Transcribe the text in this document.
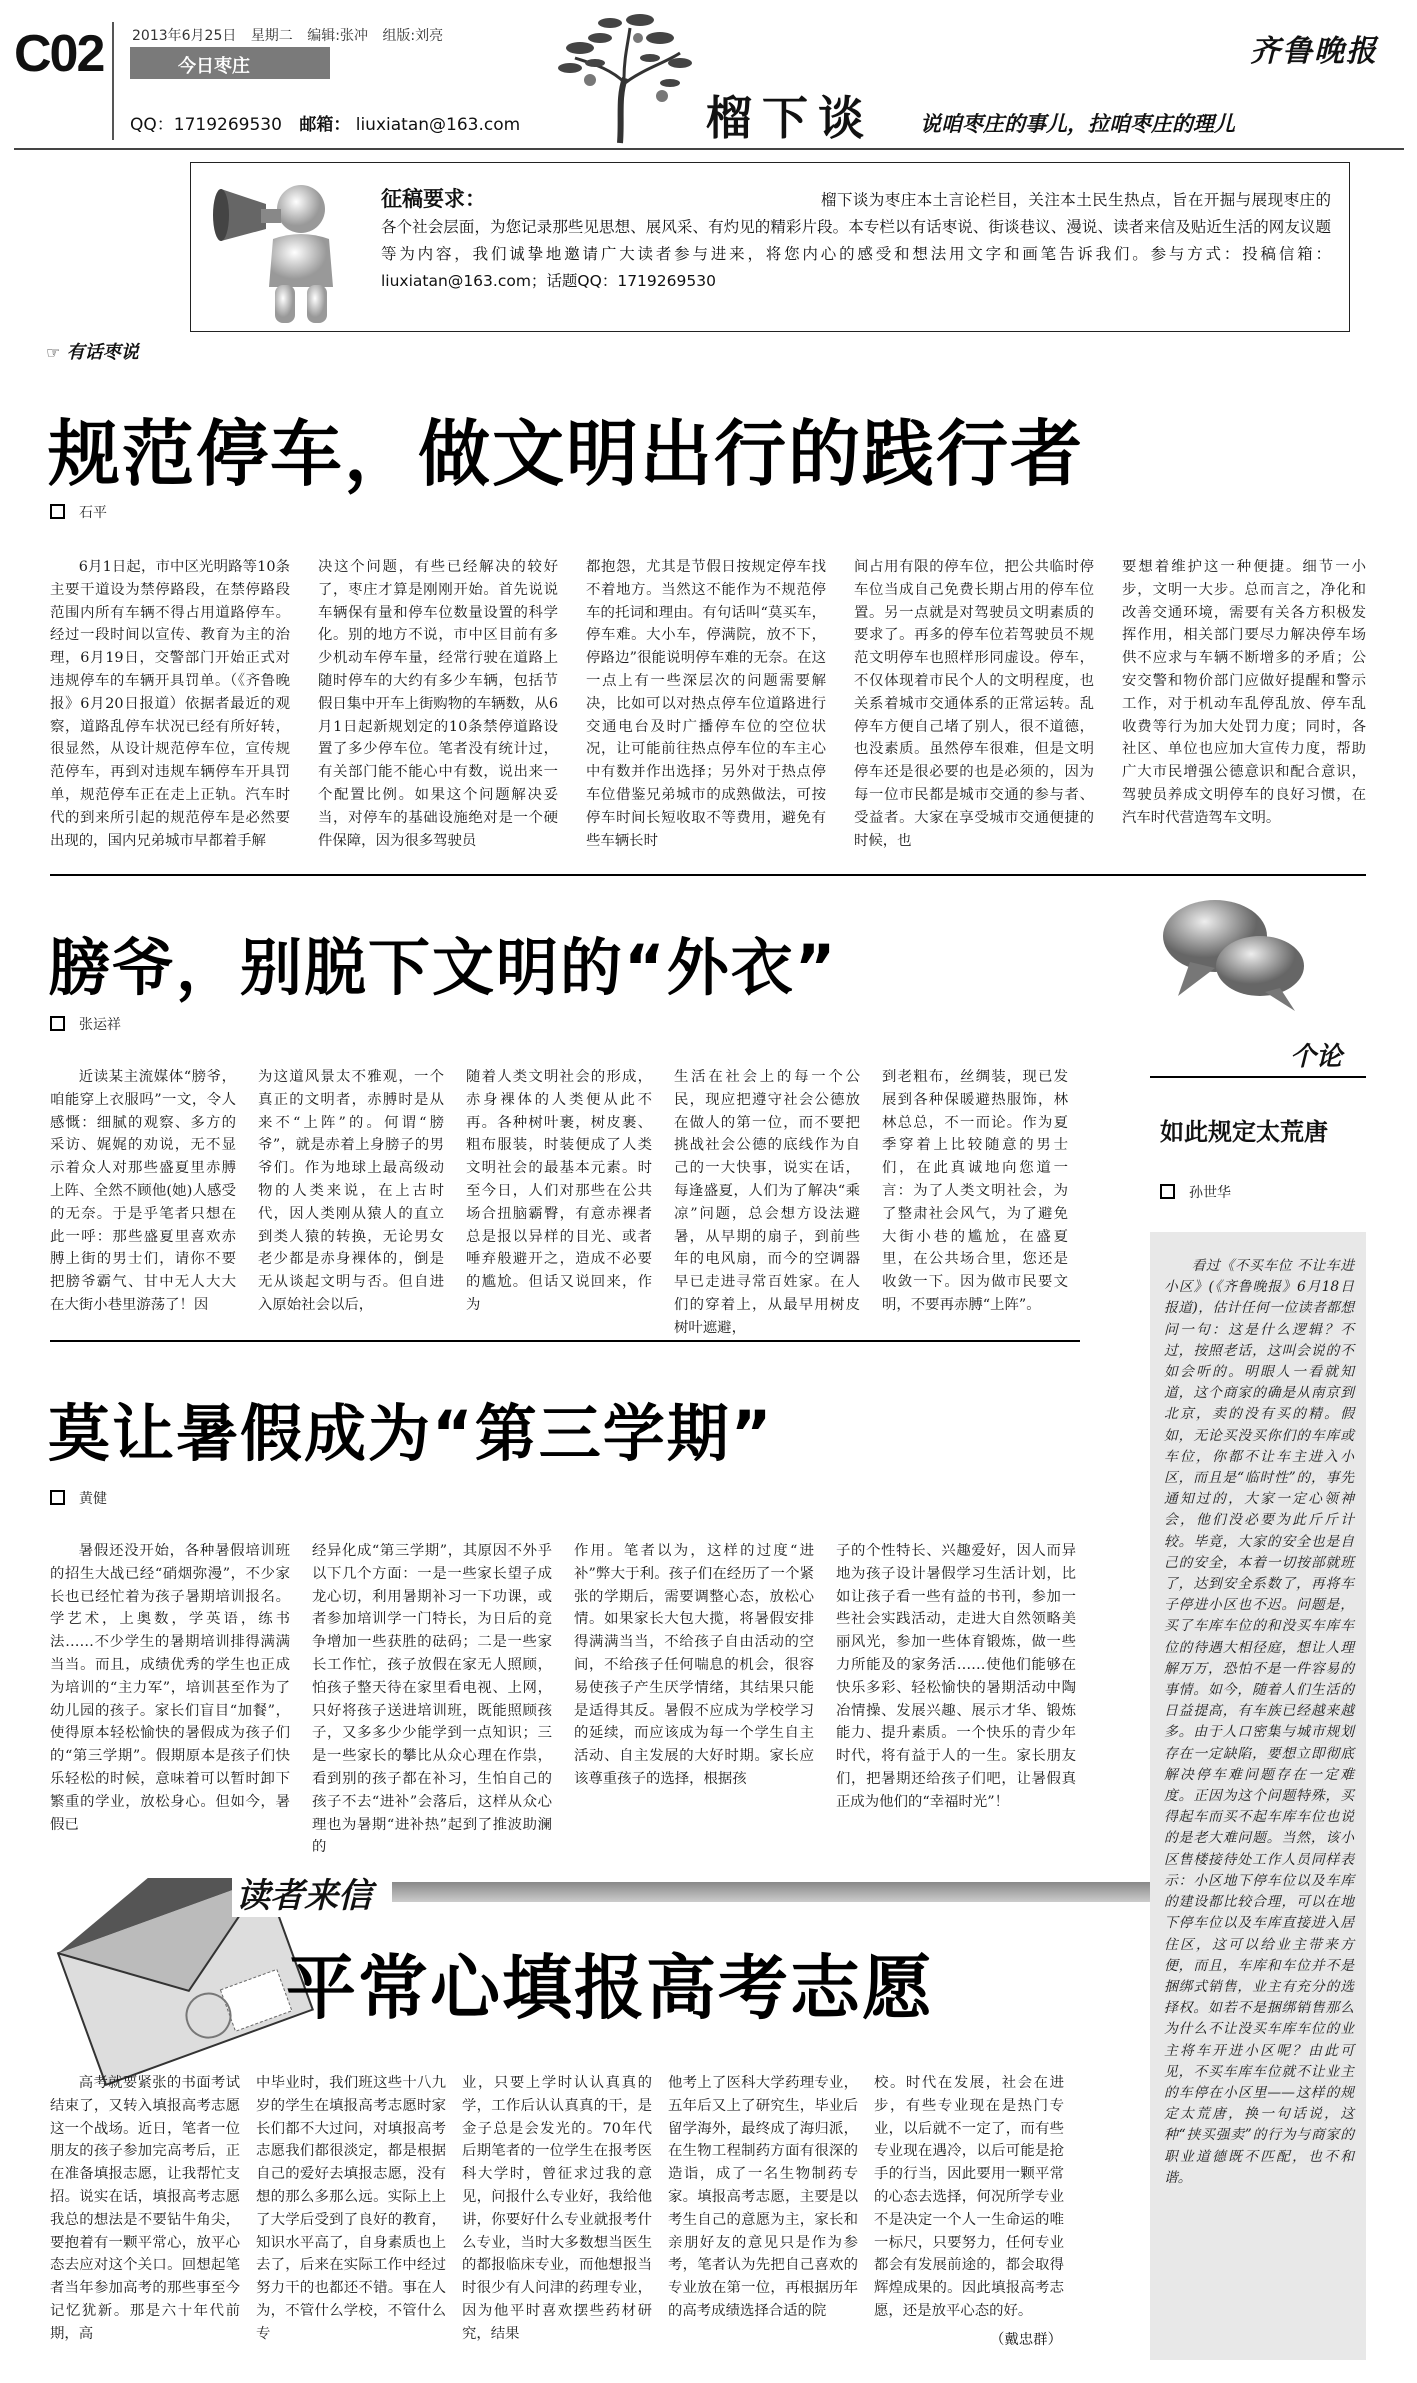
C02 2013年6月25日 星期二 编辑:张冲 组版:刘亮
今日枣庄
QQ：1719269530 邮箱： liuxiatan@163.com	榴下谈 说咱枣庄的事儿，拉咱枣庄的理儿
齐鲁晚报
征稿要求：	榴下谈为枣庄本土言论栏目，关注本土民生热点，旨在开掘与展现枣庄的各个社会层面，为您记录那些见思想、展风采、有灼见的精彩片段。本专栏以有话枣说、街谈巷议、漫说、读者来信及贴近生活的网友议题等为内容，我们诚挚地邀请广大读者参与进来，将您内心的感受和想法用文字和画笔告诉我们。参与方式：投稿信箱：liuxiatan@163.com；话题QQ：1719269530
☞ 有话枣说
规范停车，做文明出行的践行者
石平
6月1日起，市中区光明路等10条主要干道设为禁停路段，在禁停路段范围内所有车辆不得占用道路停车。经过一段时间以宣传、教育为主的治理，6月19日，交警部门开始正式对违规停车的车辆开具罚单。（《齐鲁晚报》6月20日报道）依据者最近的观察，道路乱停车状况已经有所好转，很显然，从设计规范停车位，宣传规范停车，再到对违规车辆停车开具罚单，规范停车正在走上正轨。汽车时代的到来所引起的规范停车是必然要出现的，国内兄弟城市早都着手解
决这个问题，有些已经解决的较好了，枣庄才算是刚刚开始。首先说说车辆保有量和停车位数量设置的科学化。别的地方不说，市中区目前有多少机动车停车量，经常行驶在道路上随时停车的大约有多少车辆，包括节假日集中开车上街购物的车辆数，从6月1日起新规划定的10条禁停道路设置了多少停车位。笔者没有统计过，有关部门能不能心中有数，说出来一个配置比例。如果这个问题解决妥当，对停车的基础设施绝对是一个硬件保障，因为很多驾驶员
都抱怨，尤其是节假日按规定停车找不着地方。当然这不能作为不规范停车的托词和理由。有句话叫“莫买车，停车难。大小车，停满院，放不下，停路边”很能说明停车难的无奈。在这一点上有一些深层次的问题需要解决，比如可以对热点停车位道路进行交通电台及时广播停车位的空位状况，让可能前往热点停车位的车主心中有数并作出选择；另外对于热点停车位借鉴兄弟城市的成熟做法，可按停车时间长短收取不等费用，避免有些车辆长时
间占用有限的停车位，把公共临时停车位当成自己免费长期占用的停车位置。另一点就是对驾驶员文明素质的要求了。再多的停车位若驾驶员不规范文明停车也照样形同虚设。停车，不仅体现着市民个人的文明程度，也关系着城市交通体系的正常运转。乱停车方便自己堵了别人，很不道德，也没素质。虽然停车很难，但是文明停车还是很必要的也是必须的，因为每一位市民都是城市交通的参与者、受益者。大家在享受城市交通便捷的时候，也
要想着维护这一种便捷。细节一小步，文明一大步。总而言之，净化和改善交通环境，需要有关各方积极发挥作用，相关部门要尽力解决停车场供不应求与车辆不断增多的矛盾；公安交警和物价部门应做好提醒和警示工作，对于机动车乱停乱放、停车乱收费等行为加大处罚力度；同时，各社区、单位也应加大宣传力度，帮助广大市民增强公德意识和配合意识，驾驶员养成文明停车的良好习惯，在汽车时代营造驾车文明。
膀爷，别脱下文明的“外衣”
张运祥
近读某主流媒体“膀爷，咱能穿上衣服吗”一文，令人感慨：细腻的观察、多方的采访、娓娓的劝说，无不显示着众人对那些盛夏里赤膊上阵、全然不顾他(她)人感受的无奈。于是乎笔者只想在此一呼：那些盛夏里喜欢赤膊上街的男士们，请你不要把膀爷霸气、甘中无人大大在大街小巷里游荡了！因
为这道风景太不雅观，一个真正的文明者，赤膊时是从来不“上阵”的。何谓“膀爷”，就是赤着上身膀子的男爷们。作为地球上最高级动物的人类来说，在上古时代，因人类刚从猿人的直立到类人猿的转换，无论男女老少都是赤身裸体的，倒是无从谈起文明与否。但自进入原始社会以后，
随着人类文明社会的形成，赤身裸体的人类便从此不再。各种树叶裹，树皮裹、粗布服装，时装便成了人类文明社会的最基本元素。时至今日，人们对那些在公共场合扭脑霸臀，有意赤裸者总是报以异样的目光、或者唾弃般避开之，造成不必要的尴尬。但话又说回来，作为
生活在社会上的每一个公民，现应把遵守社会公德放在做人的第一位，而不要把挑战社会公德的底线作为自己的一大快事，说实在话，每逢盛夏，人们为了解决“乘凉”问题，总会想方设法避暑，从早期的扇子，到前些年的电风扇，而今的空调器早已走进寻常百姓家。在人们的穿着上，从最早用树皮树叶遮避，
到老粗布，丝绸装，现已发展到各种保暖避热服饰，林林总总，不一而论。作为夏季穿着上比较随意的男士们，在此真诚地向您道一言：为了人类文明社会，为了整肃社会风气，为了避免大街小巷的尴尬，在盛夏里，在公共场合里，您还是收敛一下。因为做市民要文明，不要再赤膊“上阵”。
莫让暑假成为“第三学期”
黄健
暑假还没开始，各种暑假培训班的招生大战已经“硝烟弥漫”，不少家长也已经忙着为孩子暑期培训报名。学艺术，上奥数，学英语，练书法……不少学生的暑期培训排得满满当当。而且，成绩优秀的学生也正成为培训的“主力军”，培训甚至作为了幼儿园的孩子。家长们盲目“加餐”，使得原本轻松愉快的暑假成为孩子们的“第三学期”。假期原本是孩子们快乐轻松的时候，意味着可以暂时卸下繁重的学业，放松身心。但如今，暑假已
经异化成“第三学期”，其原因不外乎以下几个方面：一是一些家长望子成龙心切，利用暑期补习一下功课，或者参加培训学一门特长，为日后的竞争增加一些获胜的砝码；二是一些家长工作忙，孩子放假在家无人照顾，怕孩子整天待在家里看电视、上网，只好将孩子送进培训班，既能照顾孩子，又多多少少能学到一点知识；三是一些家长的攀比从众心理在作祟，看到别的孩子都在补习，生怕自己的孩子不去“进补”会落后，这样从众心理也为暑期“进补热”起到了推波助澜的
作用。笔者以为，这样的过度“进补”弊大于利。孩子们在经历了一个紧张的学期后，需要调整心态，放松心情。如果家长大包大揽，将暑假安排得满满当当，不给孩子自由活动的空间，不给孩子任何喘息的机会，很容易使孩子产生厌学情绪，其结果只能是适得其反。暑假不应成为学校学习的延续，而应该成为每一个学生自主活动、自主发展的大好时期。家长应该尊重孩子的选择，根据孩
子的个性特长、兴趣爱好，因人而异地为孩子设计暑假学习生活计划，比如让孩子看一些有益的书刊，参加一些社会实践活动，走进大自然领略美丽风光，参加一些体育锻炼，做一些力所能及的家务活……使他们能够在快乐多彩、轻松愉快的暑期活动中陶冶情操、发展兴趣、展示才华、锻炼能力、提升素质。一个快乐的青少年时代，将有益于人的一生。家长朋友们，把暑期还给孩子们吧，让暑假真正成为他们的“幸福时光”！
读者来信
平常心填报高考志愿
高考就要紧张的书面考试结束了，又转入填报高考志愿这一个战场。近日，笔者一位朋友的孩子参加完高考后，正在准备填报志愿，让我帮忙支招。说实在话，填报高考志愿我总的想法是不要钻牛角尖，要抱着有一颗平常心，放平心态去应对这个关口。回想起笔者当年参加高考的那些事至今记忆犹新。那是六十年代前期，高
中毕业时，我们班这些十八九岁的学生在填报高考志愿时家长们都不大过问，对填报高考志愿我们都很淡定，都是根据自己的爱好去填报志愿，没有想的那么多那么远。实际上上了大学后受到了良好的教育，知识水平高了，自身素质也上去了，后来在实际工作中经过努力干的也都还不错。事在人为，不管什么学校，不管什么专
业，只要上学时认认真真的学，工作后认认真真的干，是金子总是会发光的。70年代后期笔者的一位学生在报考医科大学时，曾征求过我的意见，问报什么专业好，我给他讲，你要好什么专业就报考什么专业，当时大多数想当医生的都报临床专业，而他想报当时很少有人问津的药理专业，因为他平时喜欢摆些药材研究，结果
他考上了医科大学药理专业，五年后又上了研究生，毕业后留学海外，最终成了海归派，在生物工程制药方面有很深的造诣，成了一名生物制药专家。填报高考志愿，主要是以考生自己的意愿为主，家长和亲朋好友的意见只是作为参考，笔者认为先把自己喜欢的专业放在第一位，再根据历年的高考成绩选择合适的院
校。时代在发展，社会在进步，有些专业现在是热门专业，以后就不一定了，而有些专业现在遇冷，以后可能是抢手的行当，因此要用一颗平常的心态去选择，何况所学专业不是决定一个人一生命运的唯一标尺，只要努力，任何专业都会有发展前途的，都会取得辉煌成果的。因此填报高考志愿，还是放平心态的好。
（戴忠群）
个论
如此规定太荒唐
孙世华
看过《不买车位 不让车进小区》(《齐鲁晚报》6月18日报道)，估计任何一位读者都想问一句：这是什么逻辑？不过，按照老话，这叫会说的不如会听的。明眼人一看就知道，这个商家的确是从南京到北京，卖的没有买的精。假如，无论买没买你们的车库或车位，你都不让车主进入小区，而且是“临时性”的，事先通知过的，大家一定心领神会，他们没必要为此斤斤计较。毕竟，大家的安全也是自己的安全，本着一切按部就班了，达到安全系数了，再将车子停进小区也不迟。问题是，买了车库车位的和没买车库车位的待遇大相径庭，想让人理解万万，恐怕不是一件容易的事情。如今，随着人们生活的日益提高，有车族已经越来越多。由于人口密集与城市规划存在一定缺陷，要想立即彻底解决停车难问题存在一定难度。正因为这个问题特殊，买得起车而买不起车库车位也说的是老大难问题。当然，该小区售楼接待处工作人员同样表示：小区地下停车位以及车库的建设都比较合理，可以在地下停车位以及车库直接进入居住区，这可以给业主带来方便，而且，车库和车位并不是捆绑式销售，业主有充分的选择权。如若不是捆绑销售那么为什么不让没买车库车位的业主将车开进小区呢？由此可见，不买车库车位就不让业主的车停在小区里——这样的规定太荒唐，换一句话说，这种“挟买强卖”的行为与商家的职业道德既不匹配，也不和谐。
